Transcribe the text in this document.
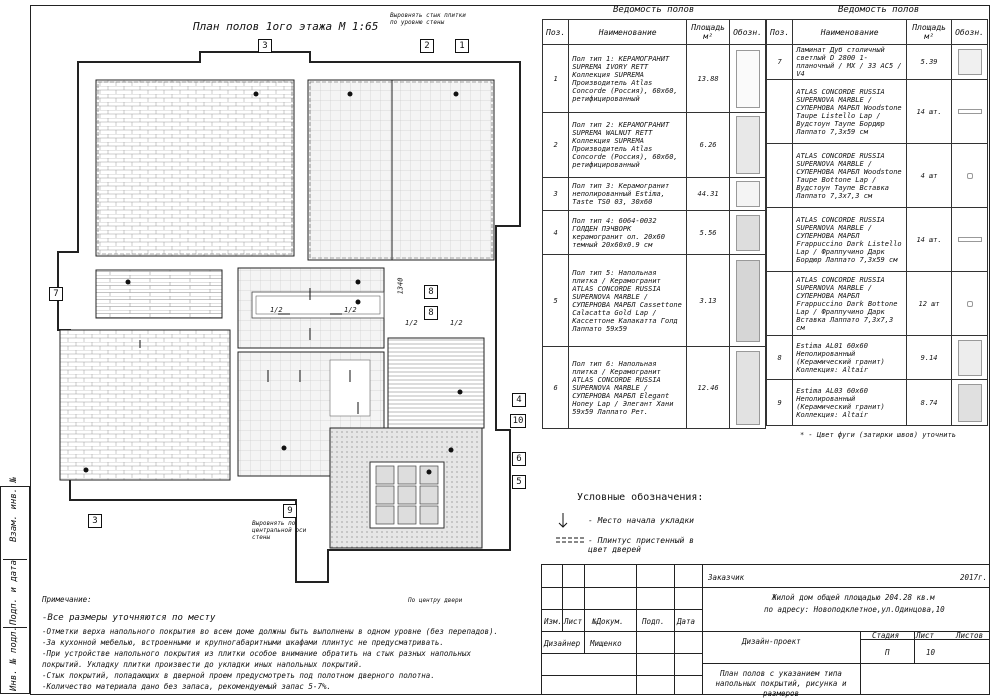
Взам. инв. №
Подп. и дата
Инв. № подл.
План полов 1ого этажа М 1:65
Выровнять стык плитки по уровню стены
1340
1/2	1/2
1/2	1/2
Выровнять по центральной оси стены
По центру двери
3	2	1
7	8
8
4
10
6
5
3
9
Ведомость полов
Поз.	Наименование	Площадь м²	Обозн.
1	Пол тип 1: КЕРАМОГРАНИТ SUPREMA IVORY RETT Коллекция SUPREMA Производитель Atlas Concorde (Россия), 60х60, ретифицированный	13.88	

2	Пол тип 2: КЕРАМОГРАНИТ SUPREMA WALNUT RETT Коллекция SUPREMA Производитель Atlas Concorde (Россия), 60х60, ретифицированный	6.26	

3	Пол тип 3: Керамогранит неполированный Estima, Taste TS0 03, 30х60	44.31	

4	Пол тип 4: 6064-0032 ГОЛДЕН ПЭЧВОРК керамогранит ол. 20х60 темный 20х60х0.9 см	5.56	

5	Пол тип 5: Напольная плитка / Керамогранит ATLAS CONCORDE RUSSIA SUPERNOVA MARBLE / СУПЕРНОВА МАРБЛ Cassettone Calacatta Gold Lap / Кассеттоне Калакатта Голд Лаппато 59х59	3.13	

6	Пол тип 6: Напольная плитка / Керамогранит ATLAS CONCORDE RUSSIA SUPERNOVA MARBLE / СУПЕРНОВА МАРБЛ Elegant Honey Lap / Элегант Хани 59х59 Лаппато Рет.	12.46	
Ведомость полов
Поз.	Наименование	Площадь м²	Обозн.
7	Ламинат Дуб столичный светлый D 2800 1-планочный / МХ / 33 АС5 / V4	5.39	

	ATLAS CONCORDE RUSSIA SUPERNOVA MARBLE / СУПЕРНОВА МАРБЛ Woodstone Taupe Listello Lap / Вудстоун Таупе Бордюр Лаппато 7,3х59 см	14 шт.	

	ATLAS CONCORDE RUSSIA SUPERNOVA MARBLE / СУПЕРНОВА МАРБЛ Woodstone Taupe Bottone Lap / Вудстоун Таупе Вставка Лаппато 7,3х7,3 см	4 шт	

	ATLAS CONCORDE RUSSIA SUPERNOVA MARBLE / СУПЕРНОВА МАРБЛ Frappuccino Dark Listello Lap / Фраппучино Дарк Бордюр Лаппато 7,3х59 см	14 шт.	

	ATLAS CONCORDE RUSSIA SUPERNOVA MARBLE / СУПЕРНОВА МАРБЛ Frappuccino Dark Bottone Lap / Фраппучино Дарк Вставка Лаппато 7,3х7,3 см	12 шт	

8	Estima AL01 60х60 Неполированный (Керамический гранит) Коллекция: Altair	9.14	

9	Estima AL03 60х60 Неполированный (Керамический гранит) Коллекция: Altair	8.74	
* - Цвет фуги (затирки швов) уточнить
Условные обозначения:
- Место начала укладки
- Плинтус пристенный в цвет дверей
Примечание:
-Все размеры уточняются по месту
-Отметки верха напольного покрытия во всем доме должны быть выполнены в одном уровне (без перепадов).
-За кухонной мебелью, встроенными и крупногабаритными шкафами плинтус не предусматривать.
-При устройстве напольного покрытия из плитки особое внимание обратить на стык разных напольных покрытий. Укладку плитки произвести до укладки иных напольных покрытий.
-Стык покрытий, попадающих в дверной проем предусмотреть под полотном дверного полотна.
-Количество материала дано без запаса, рекомендуемый запас 5-7%.
Заказчик	2017г.
Жилой дом общей площадью 204.28 кв.м
по адресу: Новоподклетное,ул.Одинцова,10
Изм. Лист №Докум. Подп. Дата
Дизайнер Мищенко	Дизайн-проект
Стадия Лист	Листов
П	10
План полов с указанием типа напольных покрытий, рисунка и размеров
